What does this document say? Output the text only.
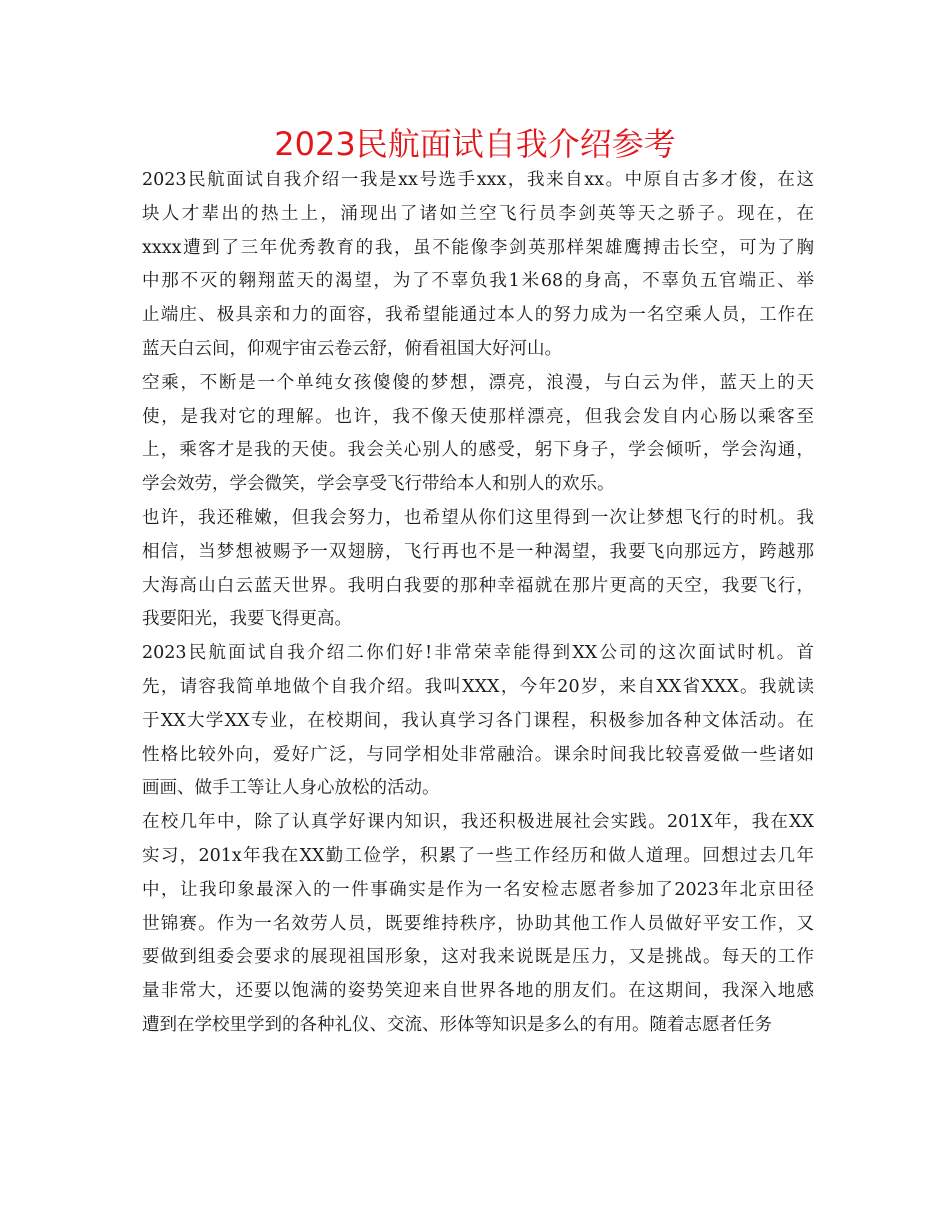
2023民航面试自我介绍参考
2023民航面试自我介绍一我是xx号选手xxx，我来自xx。中原自古多才俊，在这
块人才辈出的热土上，涌现出了诸如兰空飞行员李剑英等天之骄子。现在，在
xxxx遭到了三年优秀教育的我，虽不能像李剑英那样架雄鹰搏击长空，可为了胸
中那不灭的翱翔蓝天的渴望，为了不辜负我1米68的身高，不辜负五官端正、举
止端庄、极具亲和力的面容，我希望能通过本人的努力成为一名空乘人员，工作在
蓝天白云间，仰观宇宙云卷云舒，俯看祖国大好河山。
空乘，不断是一个单纯女孩傻傻的梦想，漂亮，浪漫，与白云为伴，蓝天上的天
使，是我对它的理解。也许，我不像天使那样漂亮，但我会发自内心肠以乘客至
上，乘客才是我的天使。我会关心别人的感受，躬下身子，学会倾听，学会沟通，
学会效劳，学会微笑，学会享受飞行带给本人和别人的欢乐。
也许，我还稚嫩，但我会努力，也希望从你们这里得到一次让梦想飞行的时机。我
相信，当梦想被赐予一双翅膀，飞行再也不是一种渴望，我要飞向那远方，跨越那
大海高山白云蓝天世界。我明白我要的那种幸福就在那片更高的天空，我要飞行，
我要阳光，我要飞得更高。
2023民航面试自我介绍二你们好!非常荣幸能得到XX公司的这次面试时机。首
先，请容我简单地做个自我介绍。我叫XXX，今年20岁，来自XX省XXX。我就读
于XX大学XX专业，在校期间，我认真学习各门课程，积极参加各种文体活动。在
性格比较外向，爱好广泛，与同学相处非常融洽。课余时间我比较喜爱做一些诸如
画画、做手工等让人身心放松的活动。
在校几年中，除了认真学好课内知识，我还积极进展社会实践。201X年，我在XX
实习，201x年我在XX勤工俭学，积累了一些工作经历和做人道理。回想过去几年
中，让我印象最深入的一件事确实是作为一名安检志愿者参加了2023年北京田径
世锦赛。作为一名效劳人员，既要维持秩序，协助其他工作人员做好平安工作，又
要做到组委会要求的展现祖国形象，这对我来说既是压力，又是挑战。每天的工作
量非常大，还要以饱满的姿势笑迎来自世界各地的朋友们。在这期间，我深入地感
遭到在学校里学到的各种礼仪、交流、形体等知识是多么的有用。随着志愿者任务
